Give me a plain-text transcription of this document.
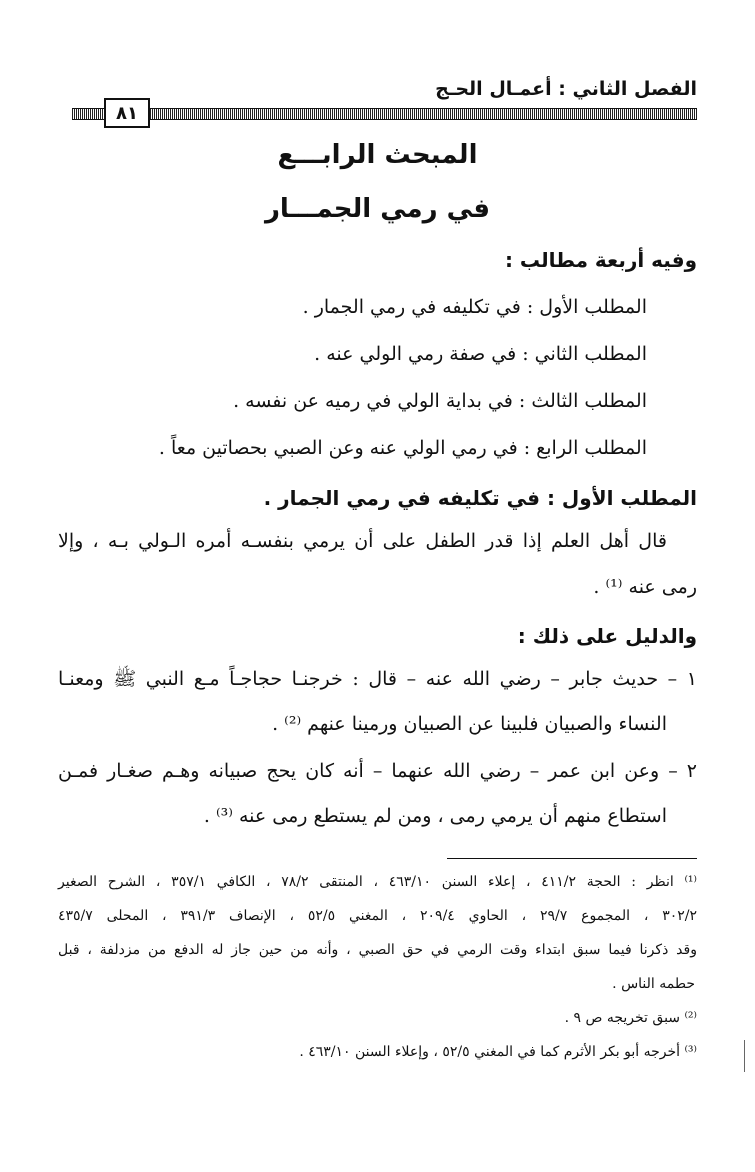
الفصل الثاني : أعمـال الحـج
٨١
المبحث الرابـــع
في رمي الجمـــار
وفيه أربعة مطالب :
المطلب الأول : في تكليفه في رمي الجمار .
المطلب الثاني : في صفة رمي الولي عنه .
المطلب الثالث : في بداية الولي في رميه عن نفسه .
المطلب الرابع : في رمي الولي عنه وعن الصبي بحصاتين معاً .
المطلب الأول : في تكليفه في رمي الجمار .
قال أهل العلم إذا قدر الطفل على أن يرمي بنفسـه أمره الـولي بـه ، وإلا
رمى عنه ⁽¹⁾ .
والدليل على ذلك :
١ – حديث جابر – رضي الله عنه – قال : خرجنـا حجاجـاً مـع النبي ﷺ ومعنـا
النساء والصبيان فلبينا عن الصبيان ورمينا عنهم ⁽²⁾ .
٢ – وعن ابن عمر – رضي الله عنهما – أنه كان يحج صبيانه وهـم صغـار فمـن
استطاع منهم أن يرمي رمى ، ومن لم يستطع رمى عنه ⁽³⁾ .
⁽¹⁾ انظر : الحجة ٤١١/٢ ، إعلاء السنن ٤٦٣/١٠ ، المنتقى ٧٨/٢ ، الكافي ٣٥٧/١ ، الشرح الصغير
٣٠٢/٢ ، المجموع ٢٩/٧ ، الحاوي ٢٠٩/٤ ، المغني ٥٢/٥ ، الإنصاف ٣٩١/٣ ، المحلى ٤٣٥/٧
وقد ذكرنا فيما سبق ابتداء وقت الرمي في حق الصبي ، وأنه من حين جاز له الدفع من مزدلفة ، قبل
حطمه الناس .
⁽²⁾ سبق تخريجه ص ٩ .
⁽³⁾ أخرجه أبو بكر الأثرم كما في المغني ٥٢/٥ ، وإعلاء السنن ٤٦٣/١٠ .
